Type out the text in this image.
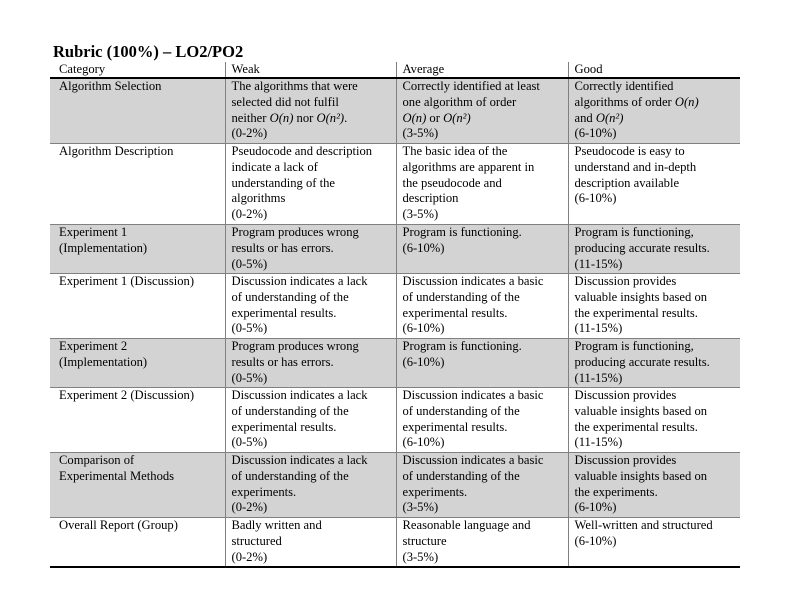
Rubric (100%) – LO2/PO2
Category	Weak	Average	Good

Algorithm Selection	The algorithms that were
selected did not fulfil
neither O(n) nor O(n²).
(0-2%)	Correctly identified at least
one algorithm of order
O(n) or O(n²)
(3-5%)	Correctly identified
algorithms of order O(n)
and O(n²)
(6-10%)

Algorithm Description	Pseudocode and description
indicate a lack of
understanding of the
algorithms
(0-2%)	The basic idea of the
algorithms are apparent in
the pseudocode and
description
(3-5%)	Pseudocode is easy to
understand and in-depth
description available
(6-10%)

Experiment 1
(Implementation)	Program produces wrong
results or has errors.
(0-5%)	Program is functioning.
(6-10%)	Program is functioning,
producing accurate results.
(11-15%)

Experiment 1 (Discussion)	Discussion indicates a lack
of understanding of the
experimental results.
(0-5%)	Discussion indicates a basic
of understanding of the
experimental results.
(6-10%)	Discussion provides
valuable insights based on
the experimental results.
(11-15%)

Experiment 2
(Implementation)	Program produces wrong
results or has errors.
(0-5%)	Program is functioning.
(6-10%)	Program is functioning,
producing accurate results.
(11-15%)

Experiment 2 (Discussion)	Discussion indicates a lack
of understanding of the
experimental results.
(0-5%)	Discussion indicates a basic
of understanding of the
experimental results.
(6-10%)	Discussion provides
valuable insights based on
the experimental results.
(11-15%)

Comparison of
Experimental Methods	Discussion indicates a lack
of understanding of the
experiments.
(0-2%)	Discussion indicates a basic
of understanding of the
experiments.
(3-5%)	Discussion provides
valuable insights based on
the experiments.
(6-10%)

Overall Report (Group)	Badly written and
structured
(0-2%)	Reasonable language and
structure
(3-5%)	Well-written and structured
(6-10%)
